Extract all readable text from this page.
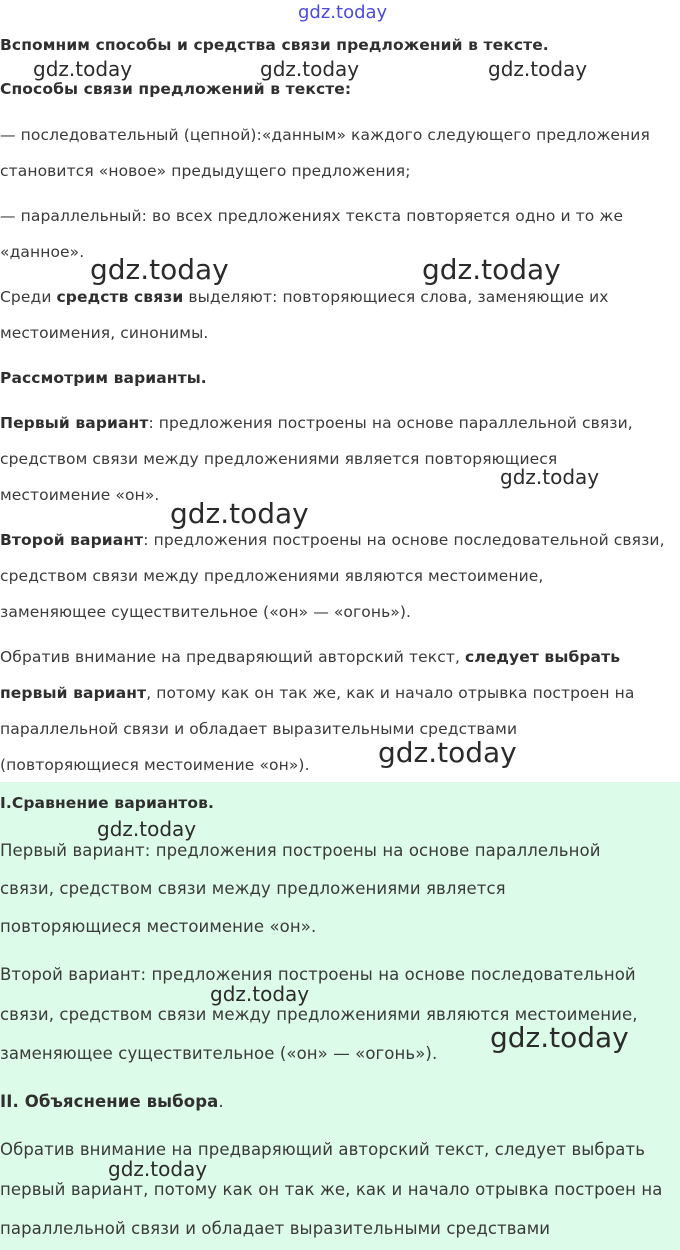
Вспомним способы и средства связи предложений в тексте.
Способы связи предложений в тексте:
— последовательный (цепной):«данным» каждого следующего предложения
становится «новое» предыдущего предложения;
— параллельный: во всех предложениях текста повторяется одно и то же
«данное».
Среди средств связи выделяют: повторяющиеся слова, заменяющие их
местоимения, синонимы.
Рассмотрим варианты.
Первый вариант: предложения построены на основе параллельной связи,
средством связи между предложениями является повторяющиеся
местоимение «он».
Второй вариант: предложения построены на основе последовательной связи,
средством связи между предложениями являются местоимение,
заменяющее существительное («он» — «огонь»).
Обратив внимание на предваряющий авторский текст, следует выбрать
первый вариант, потому как он так же, как и начало отрывка построен на
параллельной связи и обладает выразительными средствами
(повторяющиеся местоимение «он»).
I.Сравнение вариантов.
Первый вариант: предложения построены на основе параллельной
связи, средством связи между предложениями является
повторяющиеся местоимение «он».
Второй вариант: предложения построены на основе последовательной
связи, средством связи между предложениями являются местоимение,
заменяющее существительное («он» — «огонь»).
II. Объяснение выбора.
Обратив внимание на предваряющий авторский текст, следует выбрать
первый вариант, потому как он так же, как и начало отрывка построен на
параллельной связи и обладает выразительными средствами
gdz.today
gdz.today	gdz.today	gdz.today
gdz.today	gdz.today
gdz.today
gdz.today
gdz.today
gdz.today
gdz.today
gdz.today
gdz.today
